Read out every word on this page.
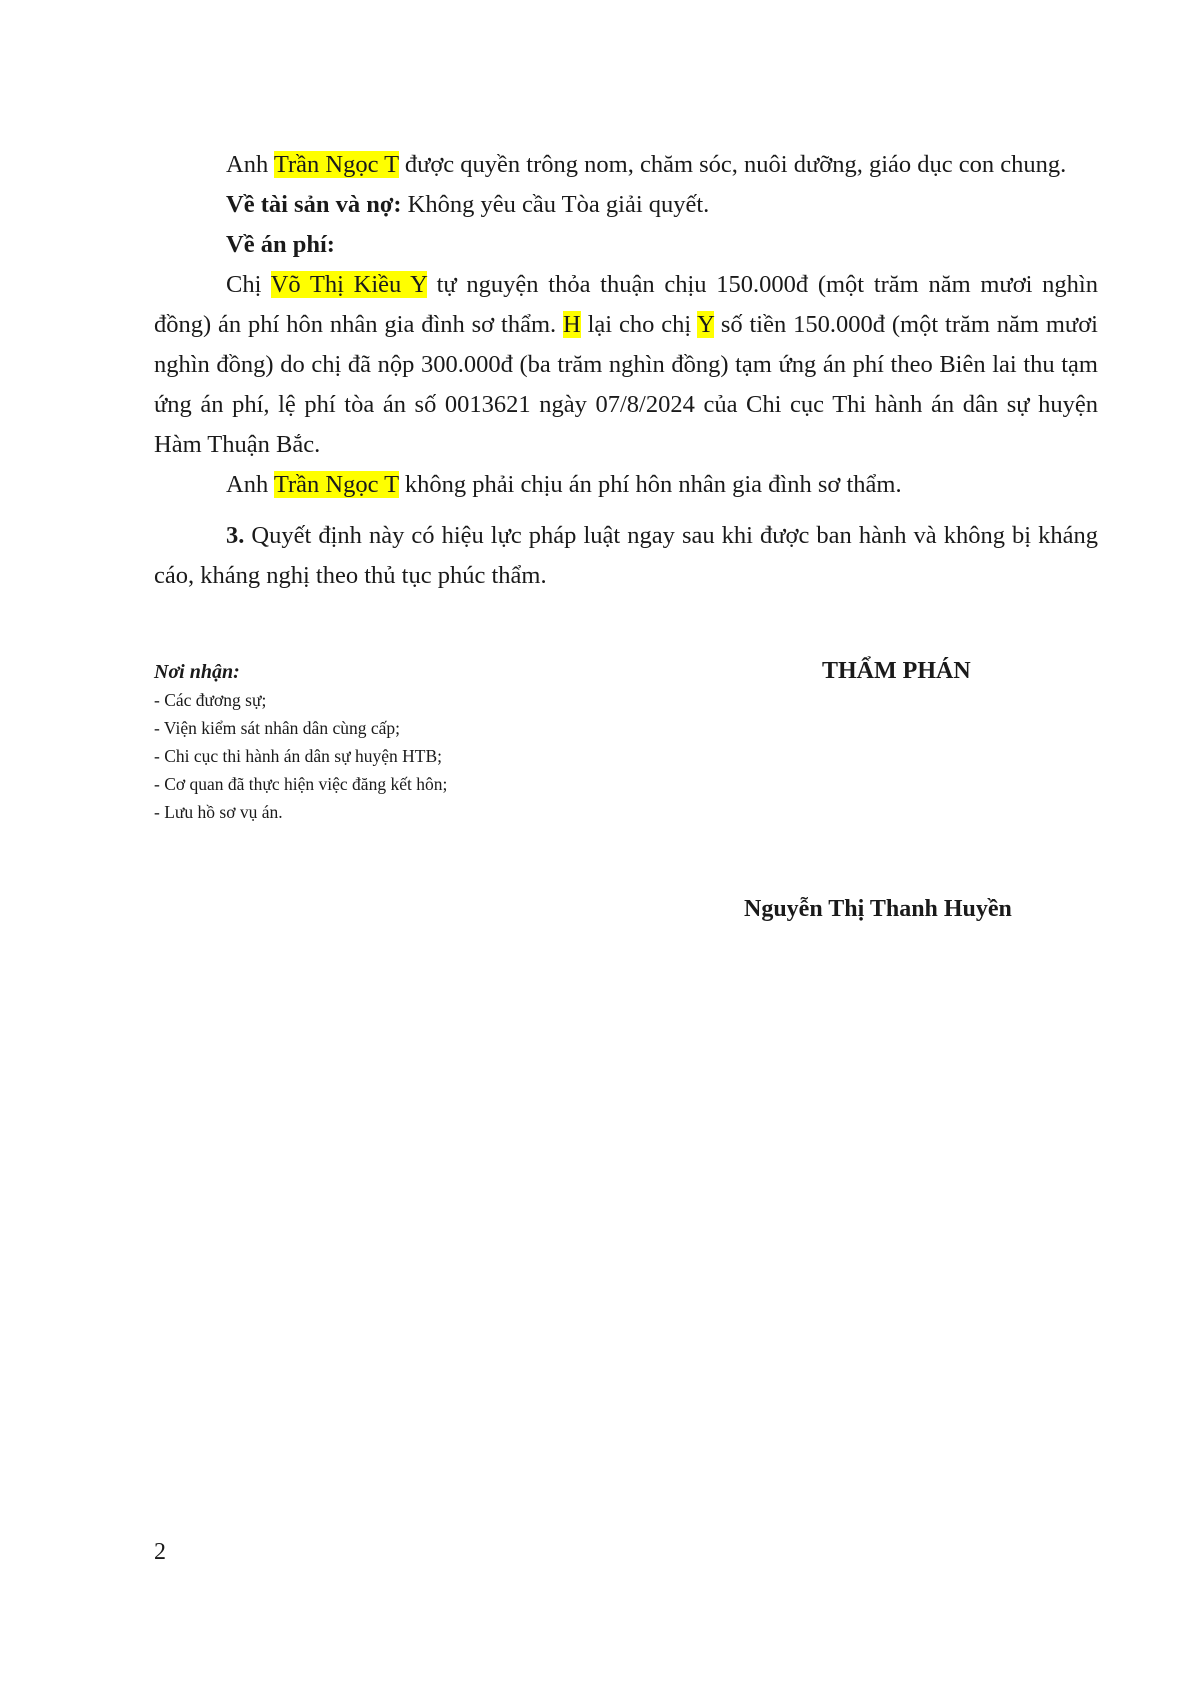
Anh Trần Ngọc T được quyền trông nom, chăm sóc, nuôi dưỡng, giáo dục con chung.

Về tài sản và nợ: Không yêu cầu Tòa giải quyết.

Về án phí:

Chị Võ Thị Kiều Y tự nguyện thỏa thuận chịu 150.000đ (một trăm năm mươi nghìn đồng) án phí hôn nhân gia đình sơ thẩm. H lại cho chị Y số tiền 150.000đ (một trăm năm mươi nghìn đồng) do chị đã nộp 300.000đ (ba trăm nghìn đồng) tạm ứng án phí theo Biên lai thu tạm ứng án phí, lệ phí tòa án số 0013621 ngày 07/8/2024 của Chi cục Thi hành án dân sự huyện Hàm Thuận Bắc.

Anh Trần Ngọc T không phải chịu án phí hôn nhân gia đình sơ thẩm.

3. Quyết định này có hiệu lực pháp luật ngay sau khi được ban hành và không bị kháng cáo, kháng nghị theo thủ tục phúc thẩm.

Nơi nhận:
- Các đương sự;
- Viện kiểm sát nhân dân cùng cấp;
- Chi cục thi hành án dân sự huyện HTB;
- Cơ quan đã thực hiện việc đăng kết hôn;
- Lưu hồ sơ vụ án.
THẨM PHÁN
Nguyễn Thị Thanh Huyền
2
